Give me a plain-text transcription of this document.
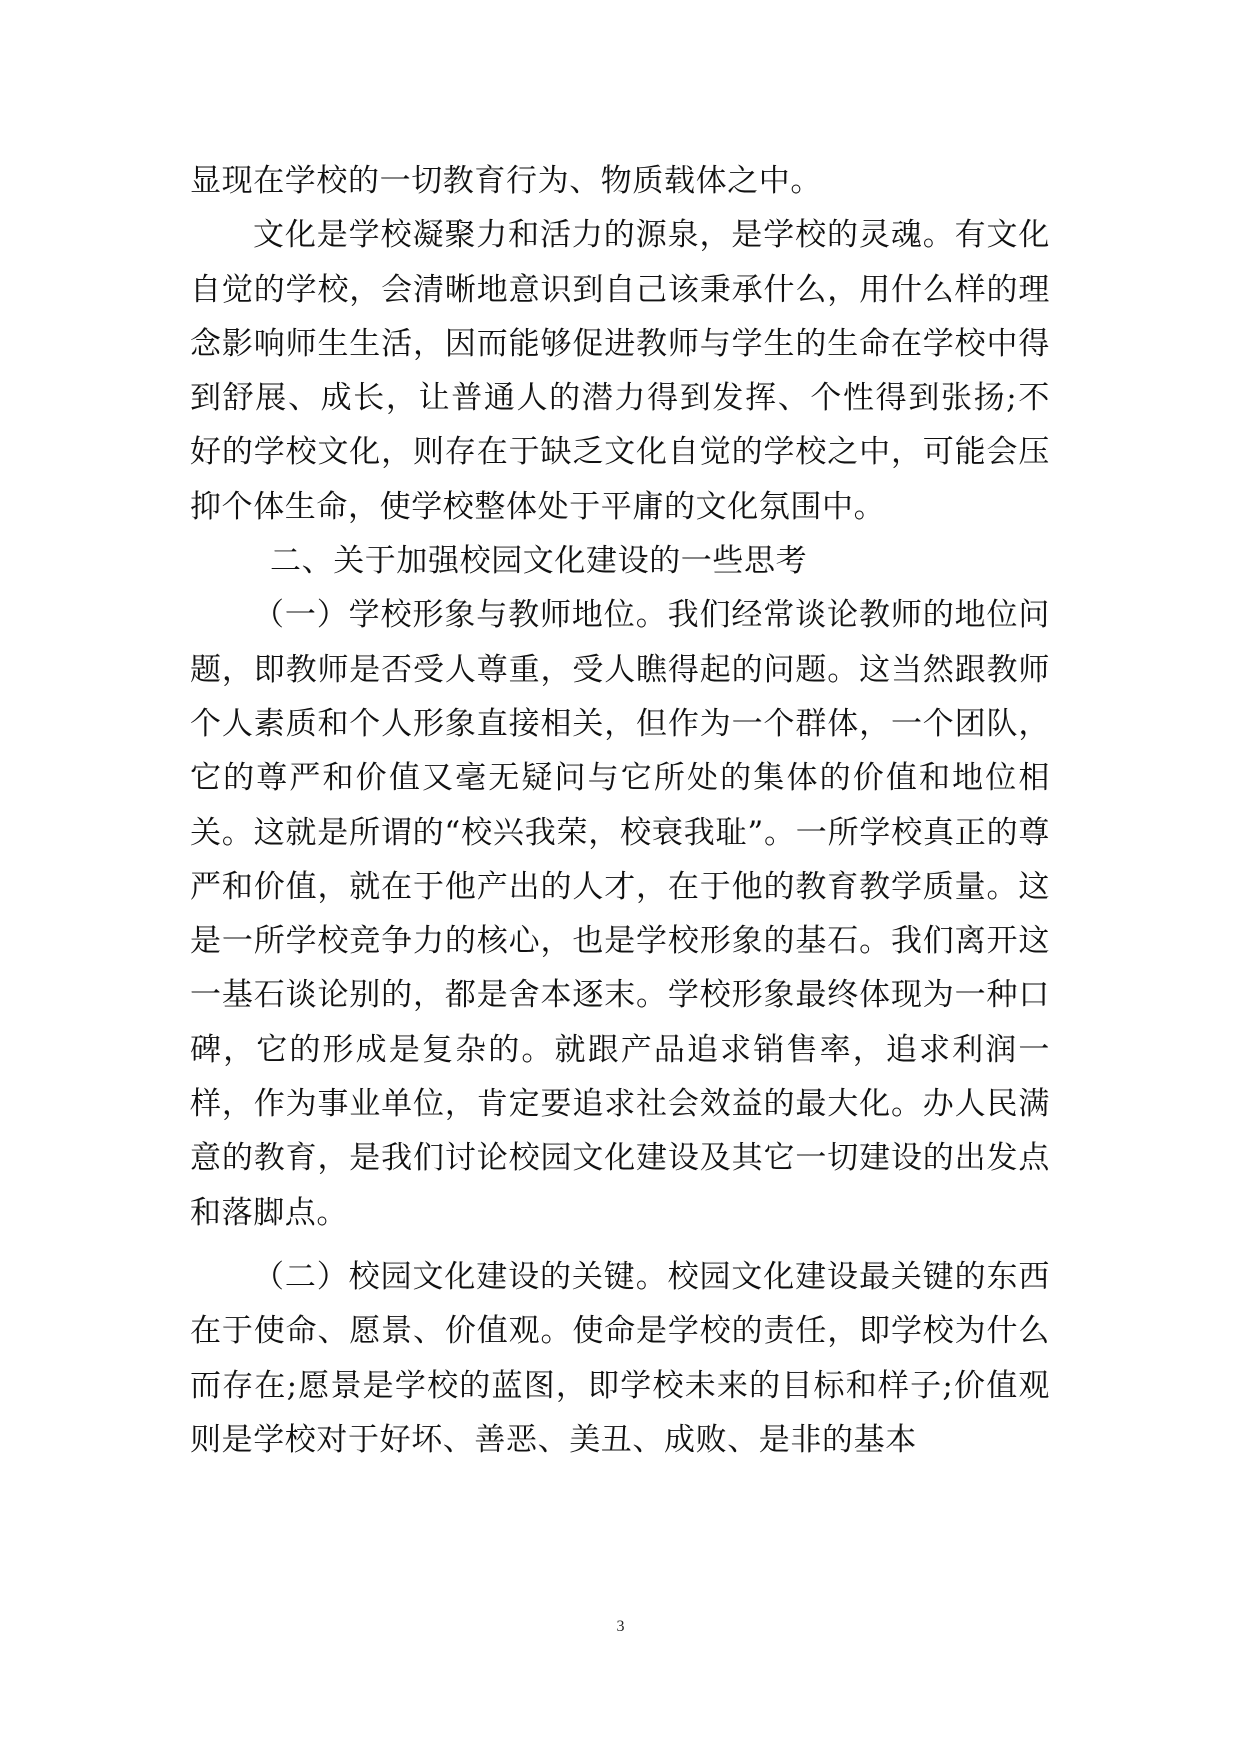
显现在学校的一切教育行为、物质载体之中。

文化是学校凝聚力和活力的源泉，是学校的灵魂。有文化自觉的学校，会清晰地意识到自己该秉承什么，用什么样的理念影响师生生活，因而能够促进教师与学生的生命在学校中得到舒展、成长，让普通人的潜力得到发挥、个性得到张扬;不好的学校文化，则存在于缺乏文化自觉的学校之中，可能会压抑个体生命，使学校整体处于平庸的文化氛围中。

二、关于加强校园文化建设的一些思考

（一）学校形象与教师地位。我们经常谈论教师的地位问题，即教师是否受人尊重，受人瞧得起的问题。这当然跟教师个人素质和个人形象直接相关，但作为一个群体，一个团队，它的尊严和价值又毫无疑问与它所处的集体的价值和地位相关。这就是所谓的“校兴我荣，校衰我耻”。一所学校真正的尊严和价值，就在于他产出的人才，在于他的教育教学质量。这是一所学校竞争力的核心，也是学校形象的基石。我们离开这一基石谈论别的，都是舍本逐末。学校形象最终体现为一种口碑，它的形成是复杂的。就跟产品追求销售率，追求利润一样，作为事业单位，肯定要追求社会效益的最大化。办人民满意的教育，是我们讨论校园文化建设及其它一切建设的出发点和落脚点。

（二）校园文化建设的关键。校园文化建设最关键的东西在于使命、愿景、价值观。使命是学校的责任，即学校为什么而存在;愿景是学校的蓝图，即学校未来的目标和样子;价值观则是学校对于好坏、善恶、美丑、成败、是非的基本

3
